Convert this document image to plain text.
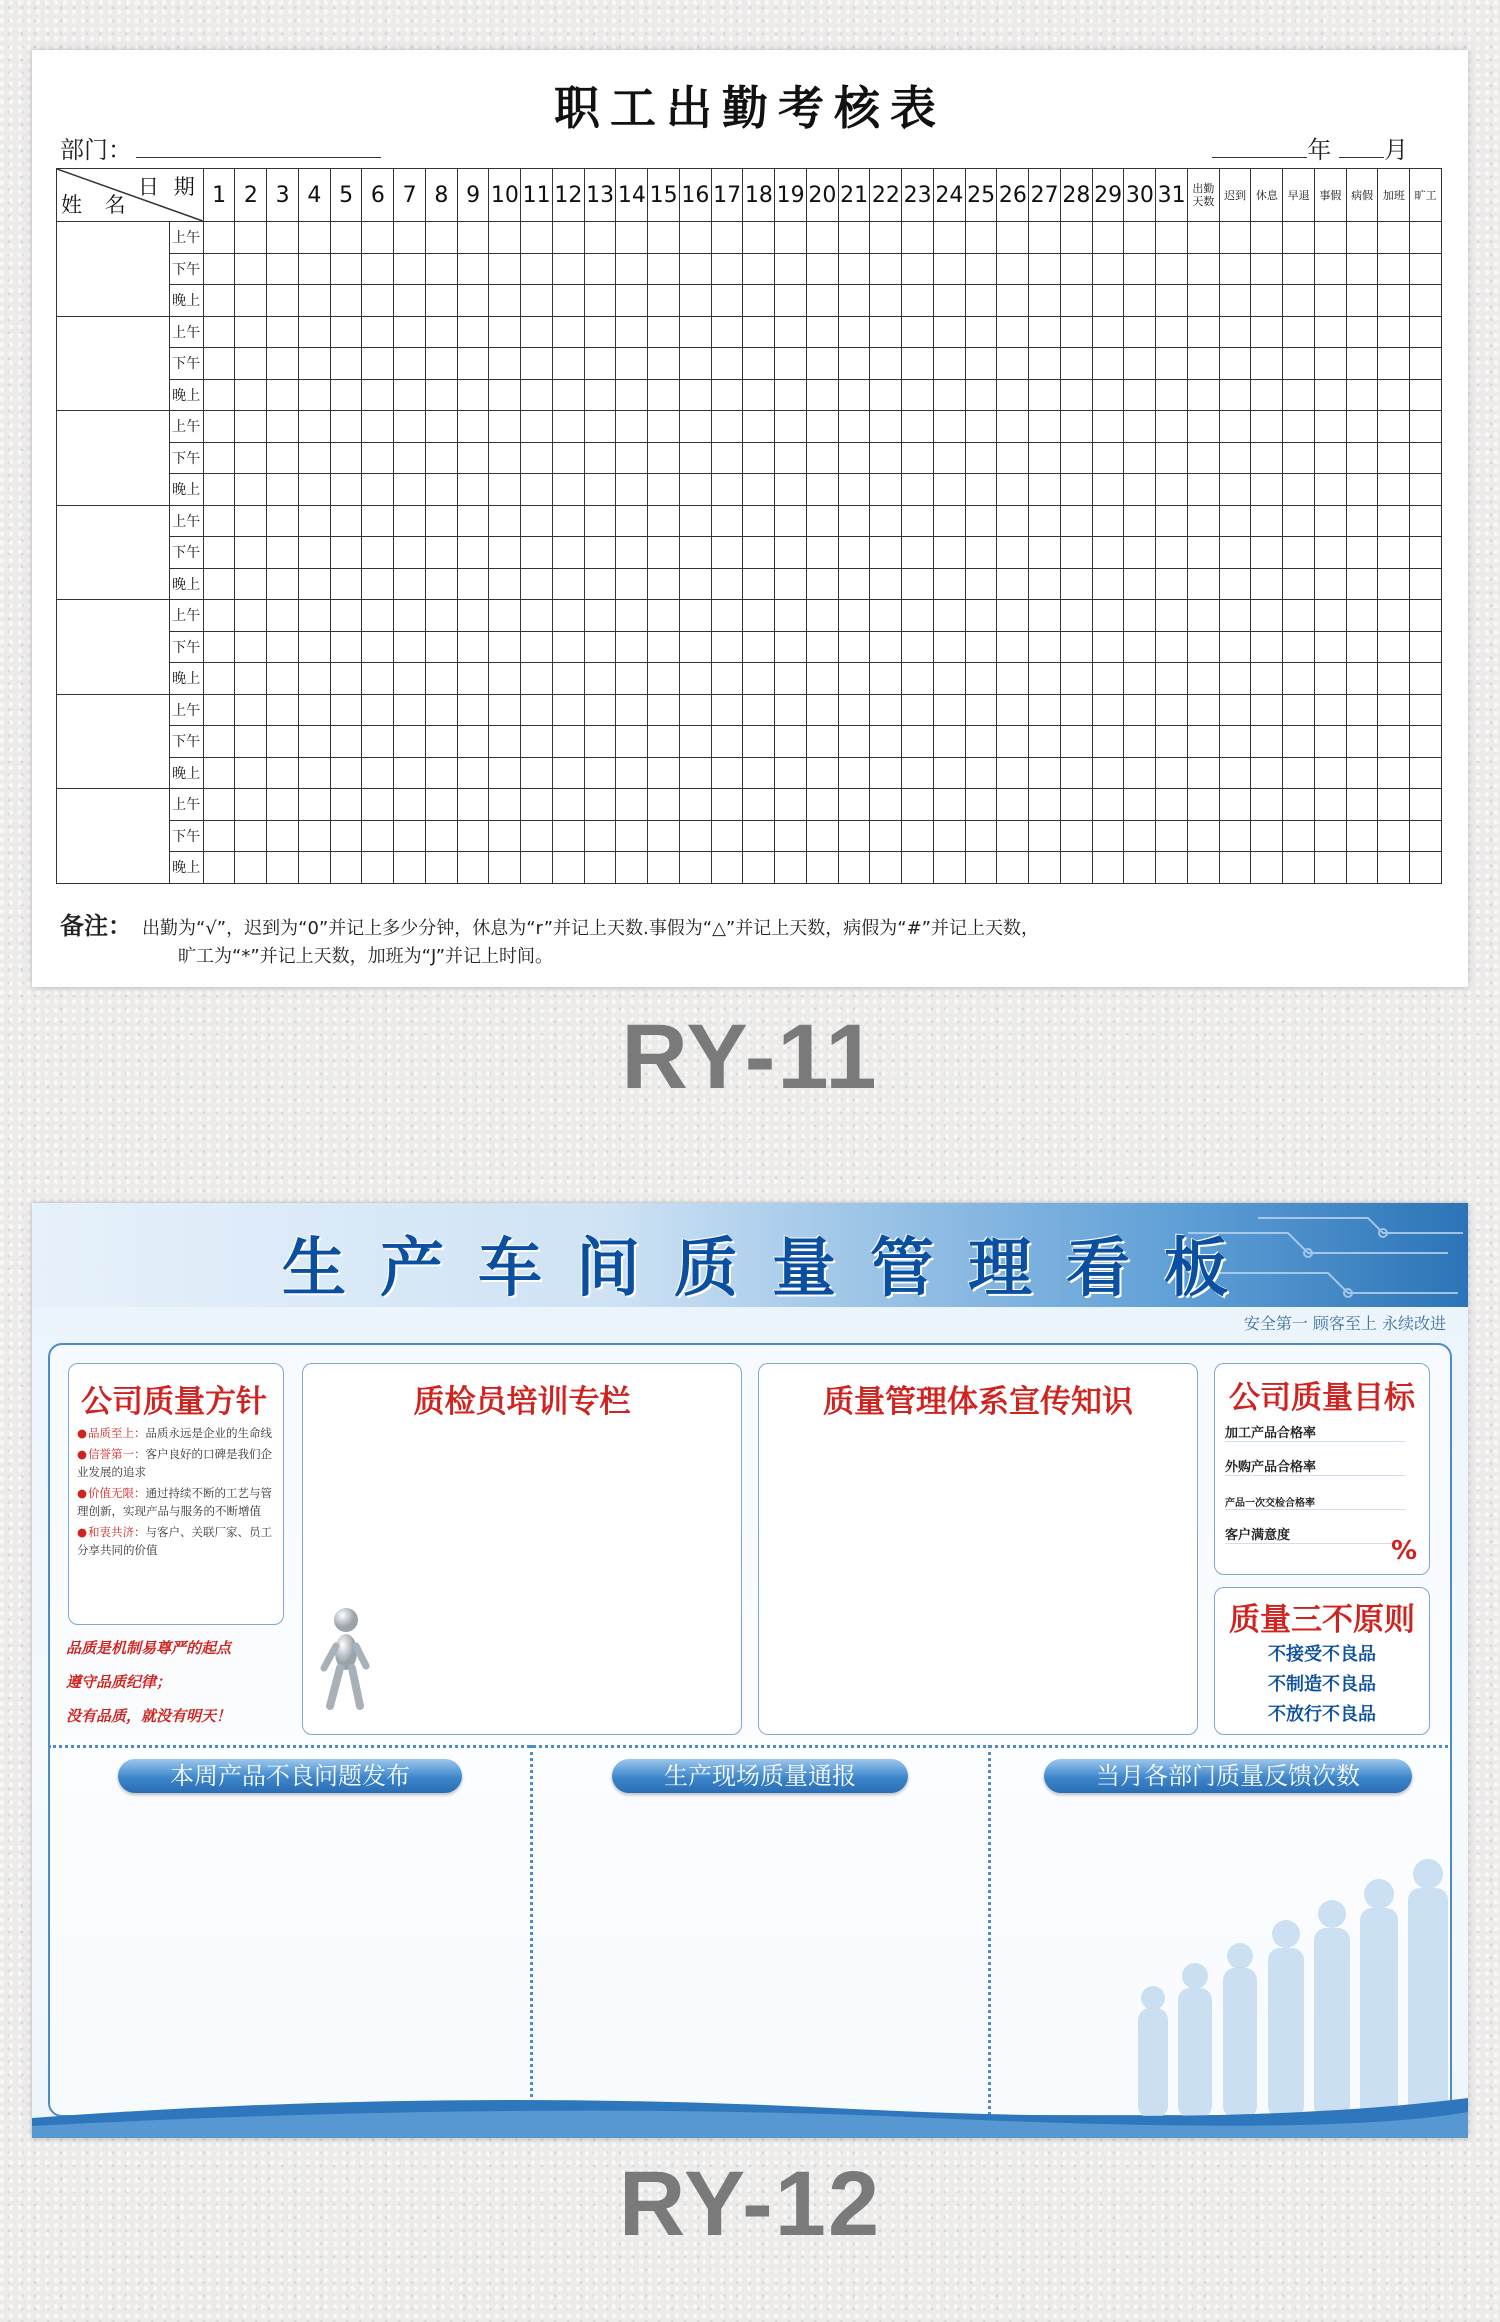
职工出勤考核表
部门：	年 月
日 期
姓 名		1	2	3	4	5	6	7	8	9	10	11	12	13	14	15	16	17	18	19	20	21	22	23	24	25	26	27	28	29	30	31	出勤天数	迟到	休息	早退	事假	病假	加班	旷工
	上午																																							
	下午																																							
	晚上																																							
	上午																																							
	下午																																							
	晚上																																							
	上午																																							
	下午																																							
	晚上																																							
	上午																																							
	下午																																							
	晚上																																							
	上午																																							
	下午																																							
	晚上																																							
	上午																																							
	下午																																							
	晚上																																							
	上午																																							
	下午																																							
	晚上																																							
备注： 出勤为“√”，迟到为“0”并记上多少分钟，休息为“r”并记上天数.事假为“△”并记上天数，病假为“#”并记上天数，
旷工为“*”并记上天数，加班为“J”并记上时间。
RY-11
生产车间质量管理看板
安全第一 顾客至上 永续改进
公司质量方针
● 品质至上：品质永远是企业的生命线
● 信誉第一：客户良好的口碑是我们企业发展的追求
● 价值无限：通过持续不断的工艺与管理创新，实现产品与服务的不断增值
● 和衷共济：与客户、关联厂家、员工分享共同的价值
品质是机制易尊严的起点
遵守品质纪律；
没有品质，就没有明天！
质检员培训专栏	质量管理体系宣传知识	公司质量目标
加工产品合格率
外购产品合格率
产品一次交检合格率
客户满意度
%
质量三不原则
不接受不良品
不制造不良品
不放行不良品
本周产品不良问题发布	生产现场质量通报	当月各部门质量反馈次数
RY-12
